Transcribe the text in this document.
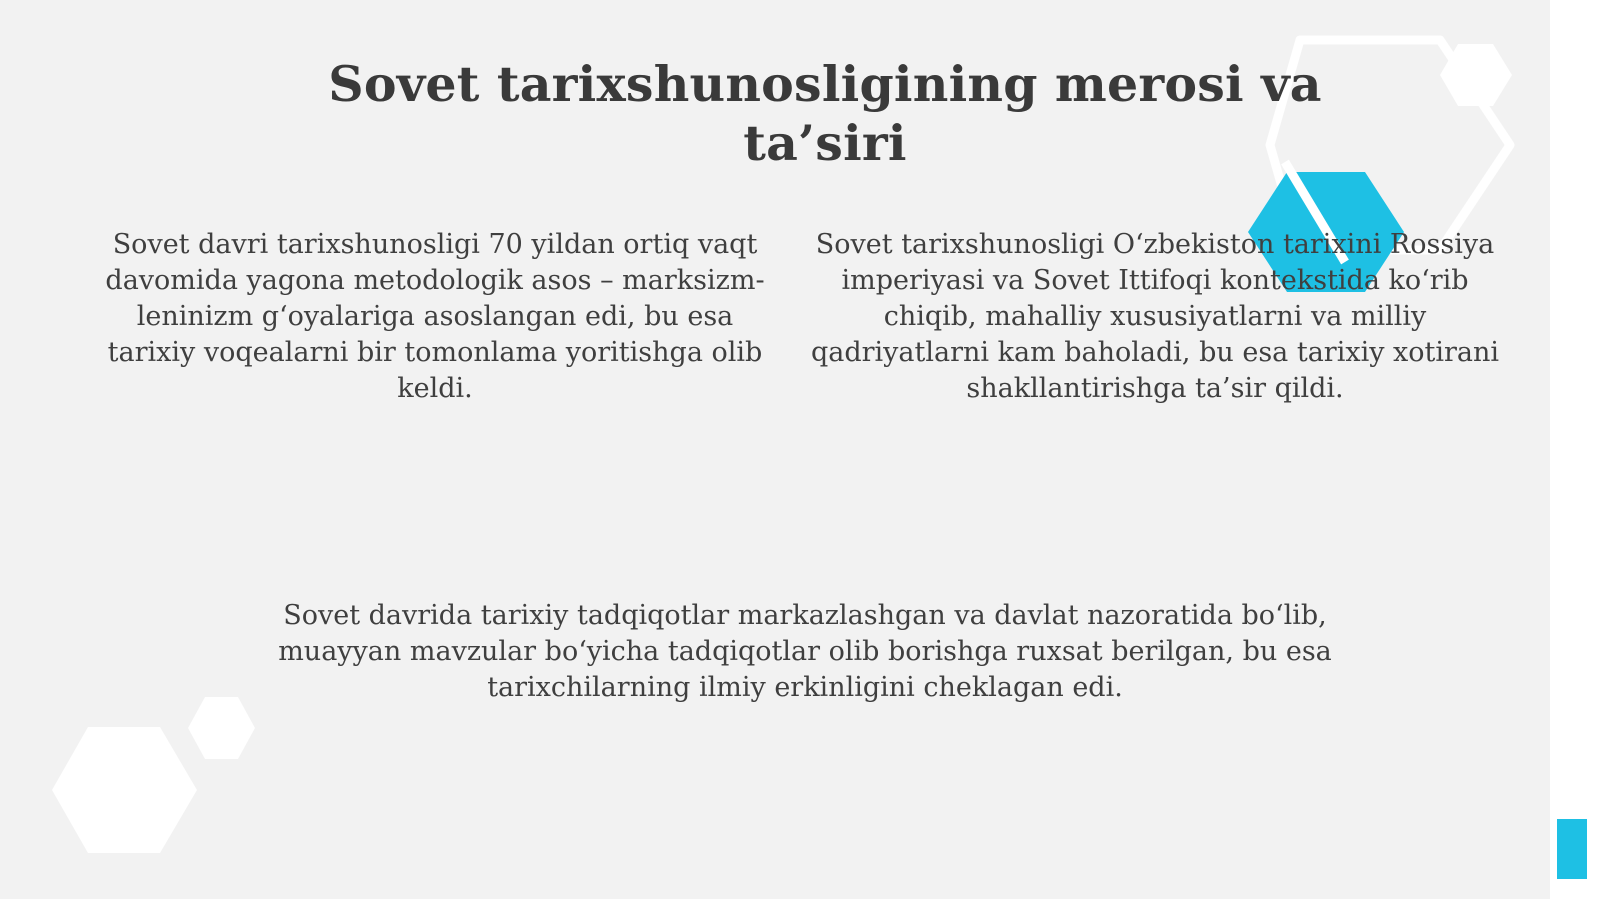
Sovet tarixshunosligining merosi va ta’siri

Sovet davri tarixshunosligi 70 yildan ortiq vaqt davomida yagona metodologik asos – marksizm-leninizm g‘oyalariga asoslangan edi, bu esa tarixiy voqealarni bir tomonlama yoritishga olib keldi.

Sovet tarixshunosligi O‘zbekiston tarixini Rossiya imperiyasi va Sovet Ittifoqi kontekstida ko‘rib chiqib, mahalliy xususiyatlarni va milliy qadriyatlarni kam baholadi, bu esa tarixiy xotirani shakllantirishga ta’sir qildi.

Sovet davrida tarixiy tadqiqotlar markazlashgan va davlat nazoratida bo‘lib, muayyan mavzular bo‘yicha tadqiqotlar olib borishga ruxsat berilgan, bu esa tarixchilarning ilmiy erkinligini cheklagan edi.
